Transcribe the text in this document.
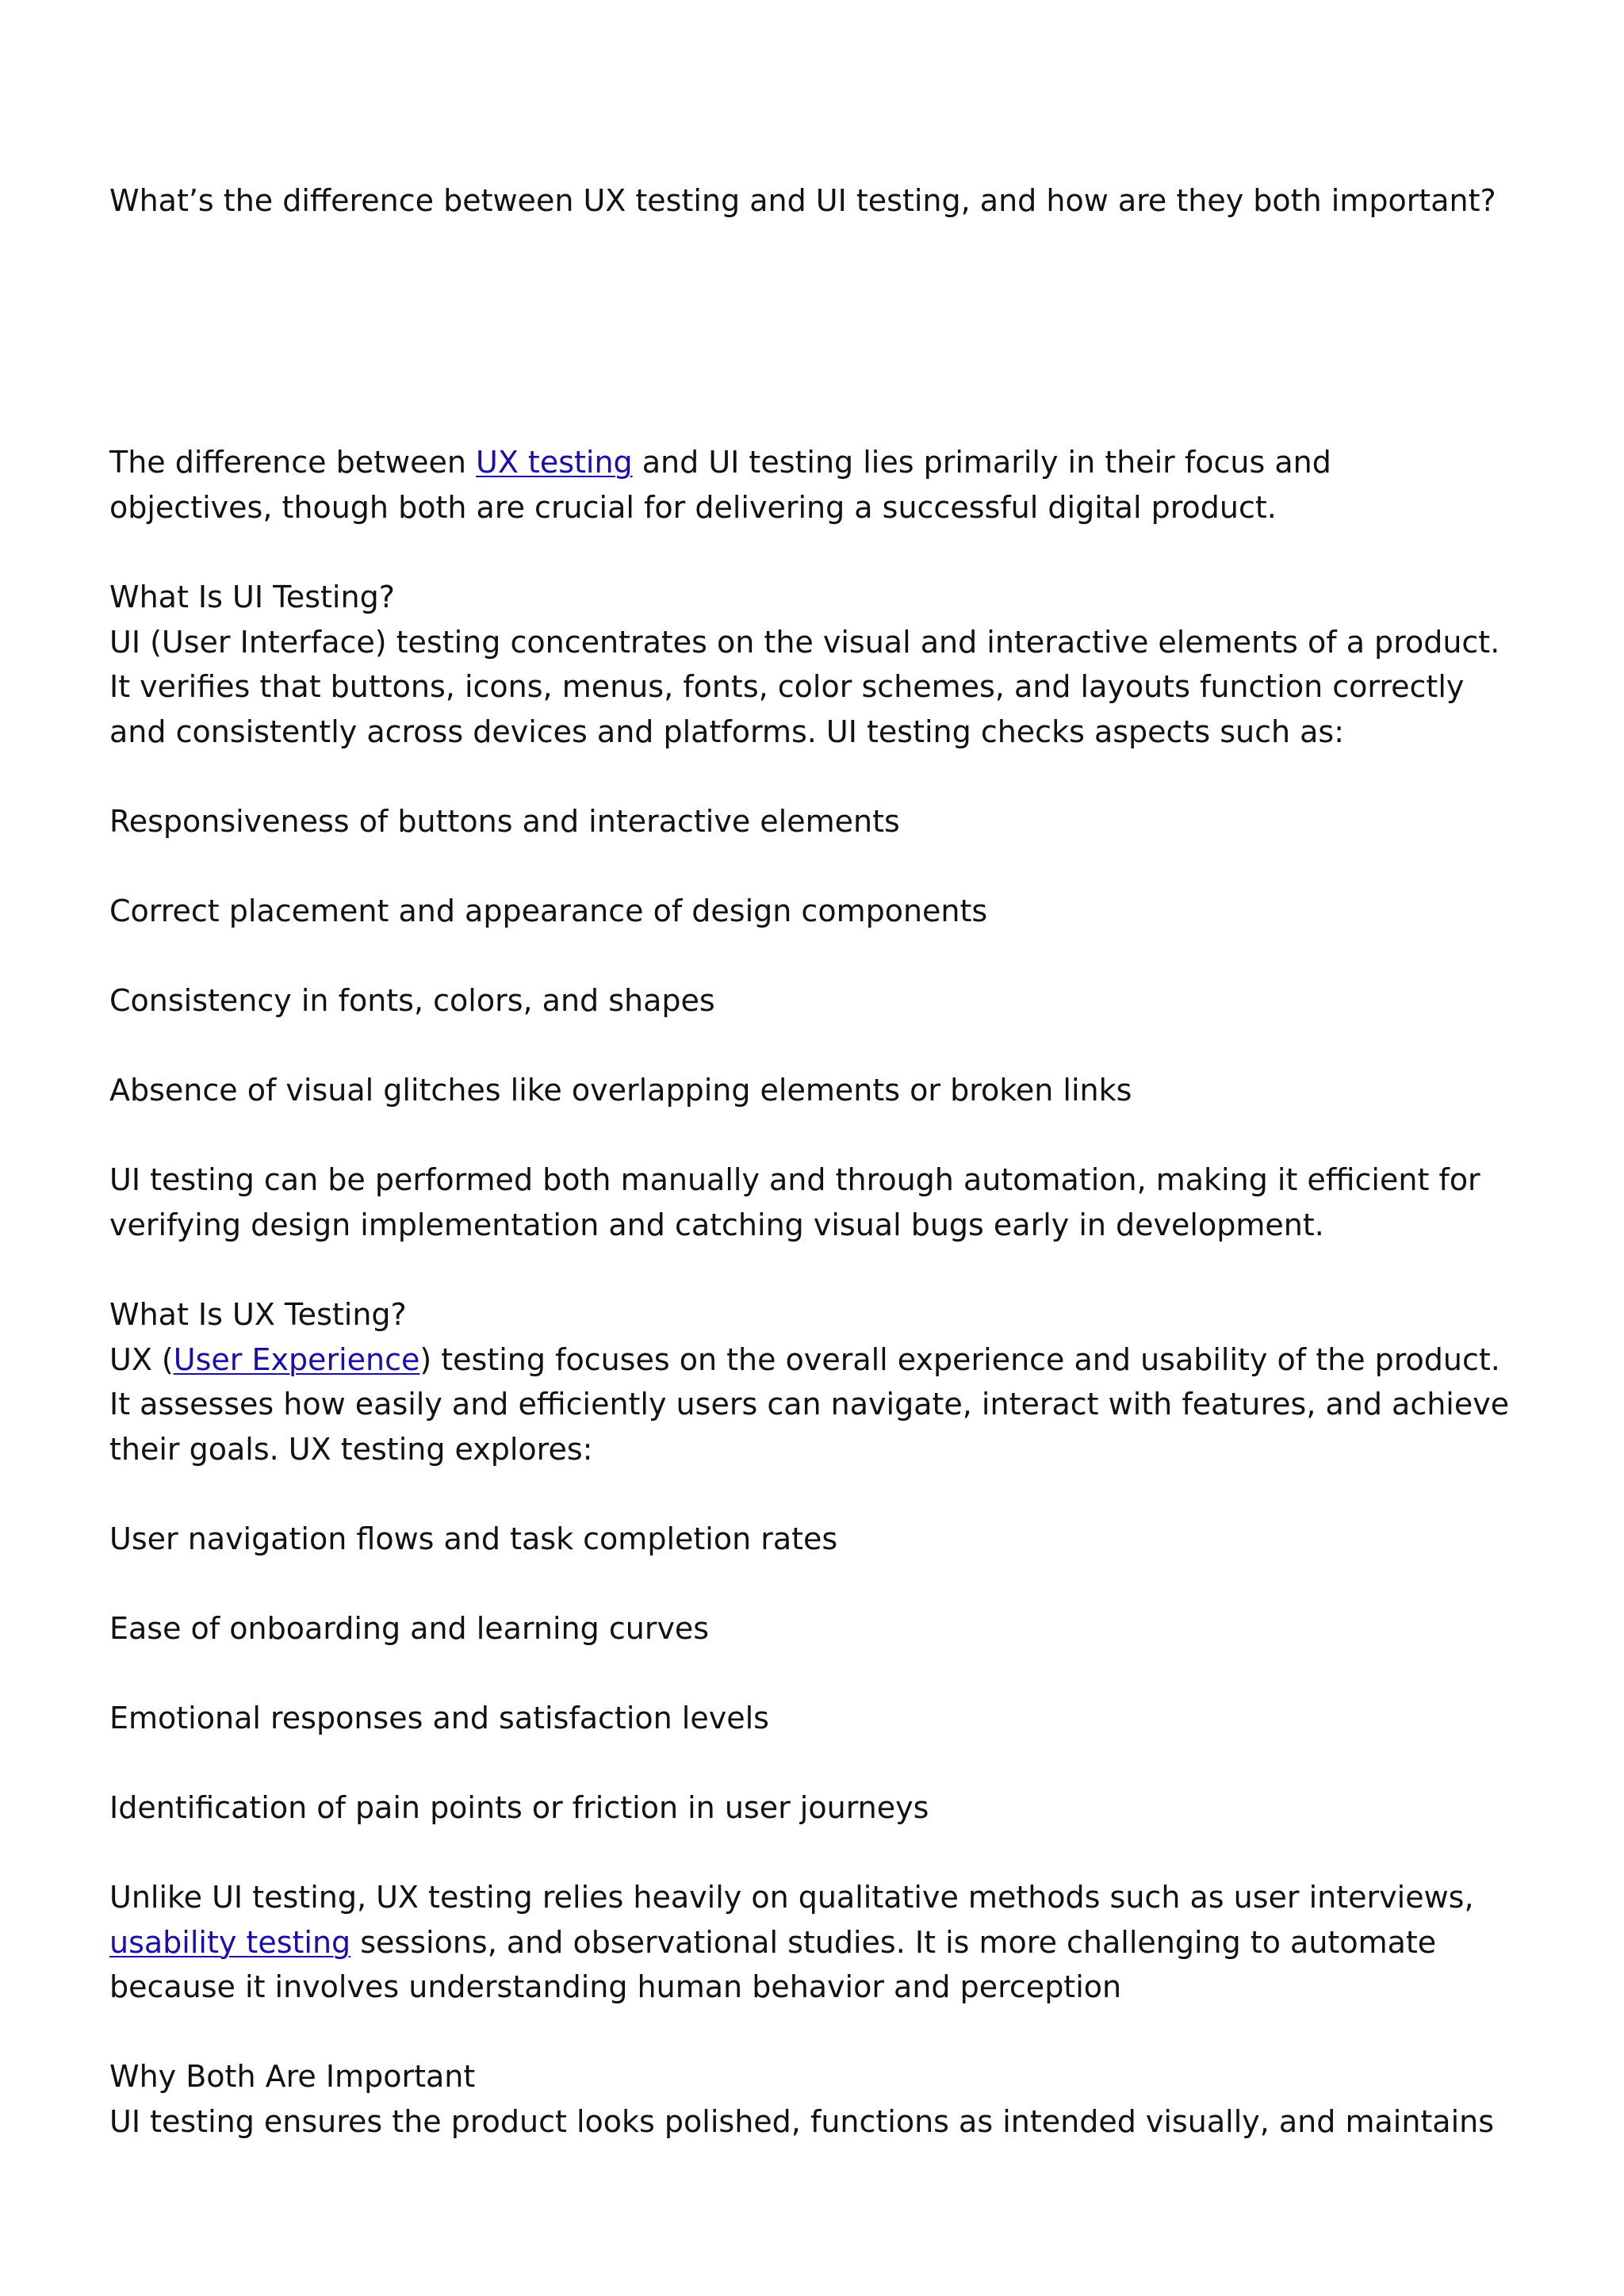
What’s the difference between UX testing and UI testing, and how are they both important?

The difference between UX testing and UI testing lies primarily in their focus and
objectives, though both are crucial for delivering a successful digital product.

What Is UI Testing?
UI (User Interface) testing concentrates on the visual and interactive elements of a product.
It verifies that buttons, icons, menus, fonts, color schemes, and layouts function correctly
and consistently across devices and platforms. UI testing checks aspects such as:

Responsiveness of buttons and interactive elements

Correct placement and appearance of design components

Consistency in fonts, colors, and shapes

Absence of visual glitches like overlapping elements or broken links

UI testing can be performed both manually and through automation, making it efficient for
verifying design implementation and catching visual bugs early in development.

What Is UX Testing?
UX (User Experience) testing focuses on the overall experience and usability of the product.
It assesses how easily and efficiently users can navigate, interact with features, and achieve
their goals. UX testing explores:

User navigation flows and task completion rates

Ease of onboarding and learning curves

Emotional responses and satisfaction levels

Identification of pain points or friction in user journeys

Unlike UI testing, UX testing relies heavily on qualitative methods such as user interviews,
usability testing sessions, and observational studies. It is more challenging to automate
because it involves understanding human behavior and perception

Why Both Are Important
UI testing ensures the product looks polished, functions as intended visually, and maintains
